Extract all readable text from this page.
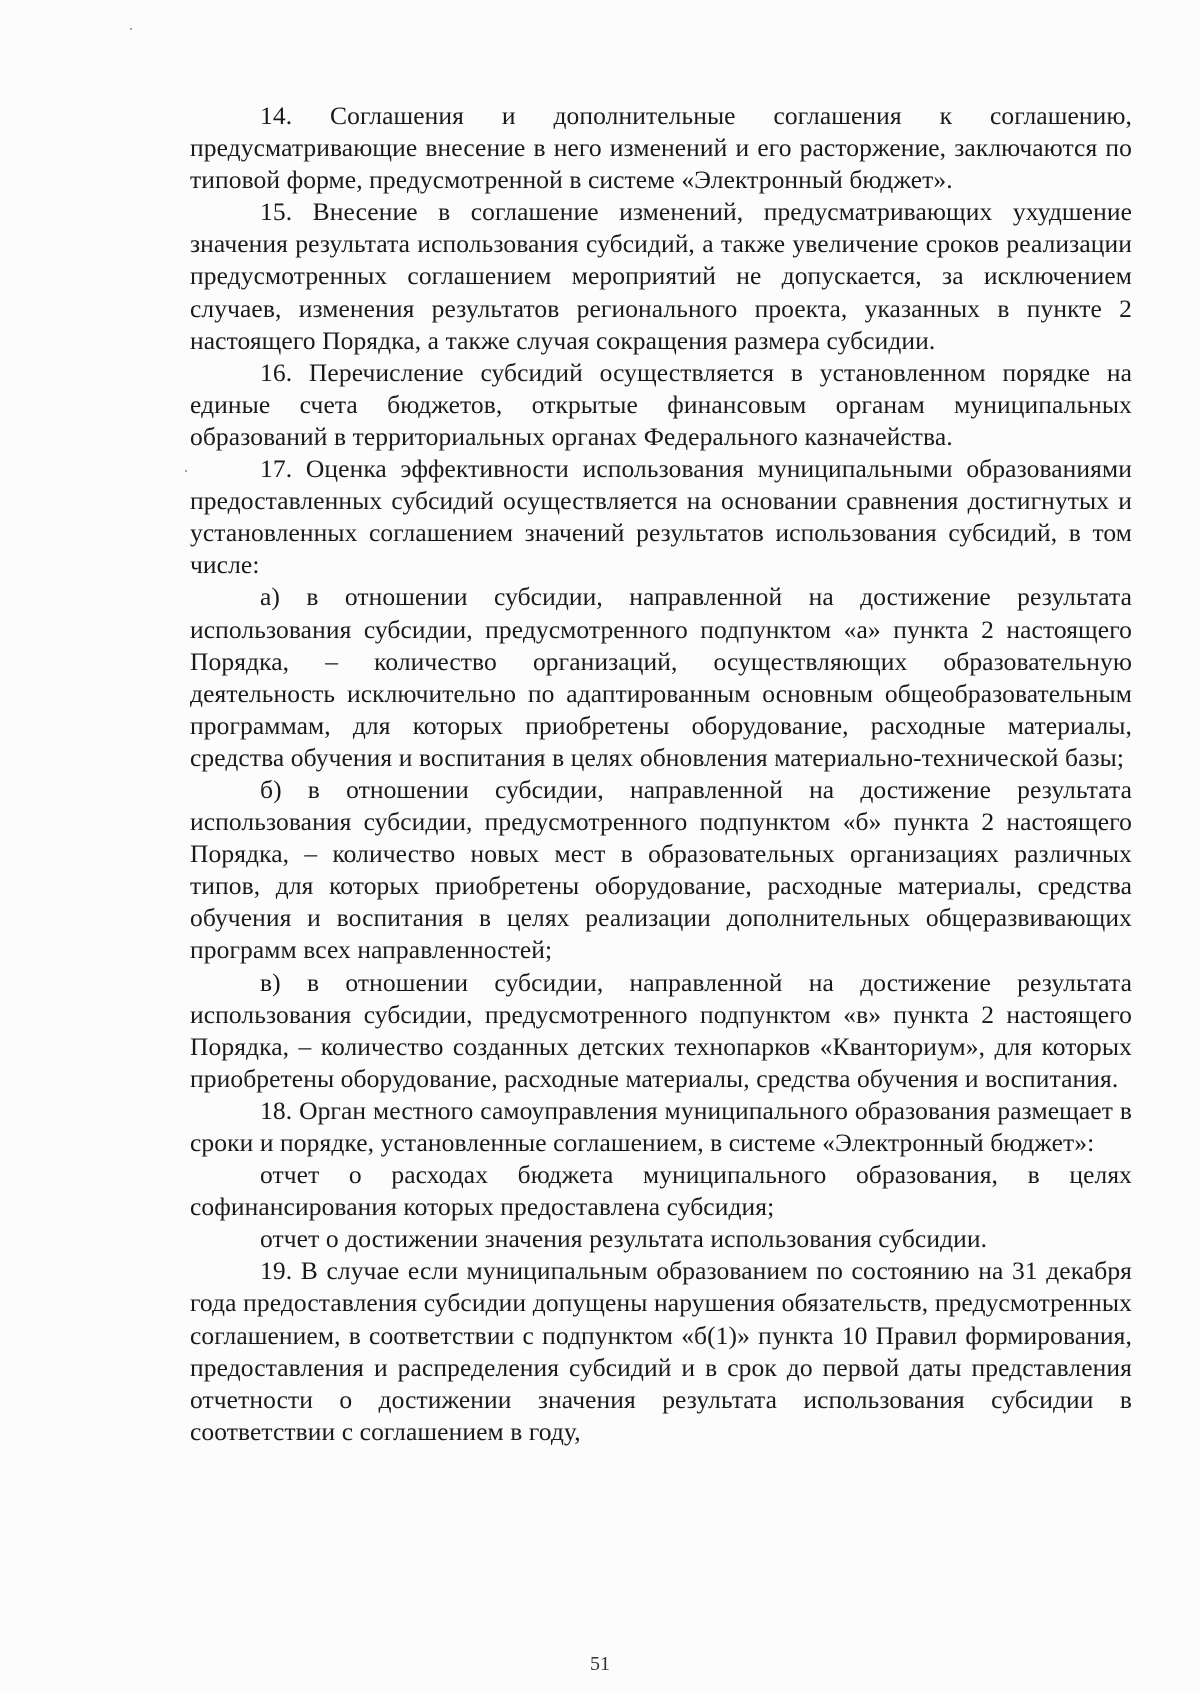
14. Соглашения и дополнительные соглашения к соглашению, предусматривающие внесение в него изменений и его расторжение, заключаются по типовой форме, предусмотренной в системе «Электронный бюджет».

15. Внесение в соглашение изменений, предусматривающих ухудшение значения результата использования субсидий, а также увеличение сроков реализации предусмотренных соглашением мероприятий не допускается, за исключением случаев, изменения результатов регионального проекта, указанных в пункте 2 настоящего Порядка, а также случая сокращения размера субсидии.

16. Перечисление субсидий осуществляется в установленном порядке на единые счета бюджетов, открытые финансовым органам муниципальных образований в территориальных органах Федерального казначейства.

17. Оценка эффективности использования муниципальными образованиями предоставленных субсидий осуществляется на основании сравнения достигнутых и установленных соглашением значений результатов использования субсидий, в том числе:

а) в отношении субсидии, направленной на достижение результата использования субсидии, предусмотренного подпунктом «а» пункта 2 настоящего Порядка, – количество организаций, осуществляющих образовательную деятельность исключительно по адаптированным основным общеобразовательным программам, для которых приобретены оборудование, расходные материалы, средства обучения и воспитания в целях обновления материально-технической базы;

б) в отношении субсидии, направленной на достижение результата использования субсидии, предусмотренного подпунктом «б» пункта 2 настоящего Порядка, – количество новых мест в образовательных организациях различных типов, для которых приобретены оборудование, расходные материалы, средства обучения и воспитания в целях реализации дополнительных общеразвивающих программ всех направленностей;

в) в отношении субсидии, направленной на достижение результата использования субсидии, предусмотренного подпунктом «в» пункта 2 настоящего Порядка, – количество созданных детских технопарков «Кванториум», для которых приобретены оборудование, расходные материалы, средства обучения и воспитания.

18. Орган местного самоуправления муниципального образования размещает в сроки и порядке, установленные соглашением, в системе «Электронный бюджет»:

отчет о расходах бюджета муниципального образования, в целях софинансирования которых предоставлена субсидия;

отчет о достижении значения результата использования субсидии.

19. В случае если муниципальным образованием по состоянию на 31 декабря года предоставления субсидии допущены нарушения обязательств, предусмотренных соглашением, в соответствии с подпунктом «б(1)» пункта 10 Правил формирования, предоставления и распределения субсидий и в срок до первой даты представления отчетности о достижении значения результата использования субсидии в соответствии с соглашением в году,

51
